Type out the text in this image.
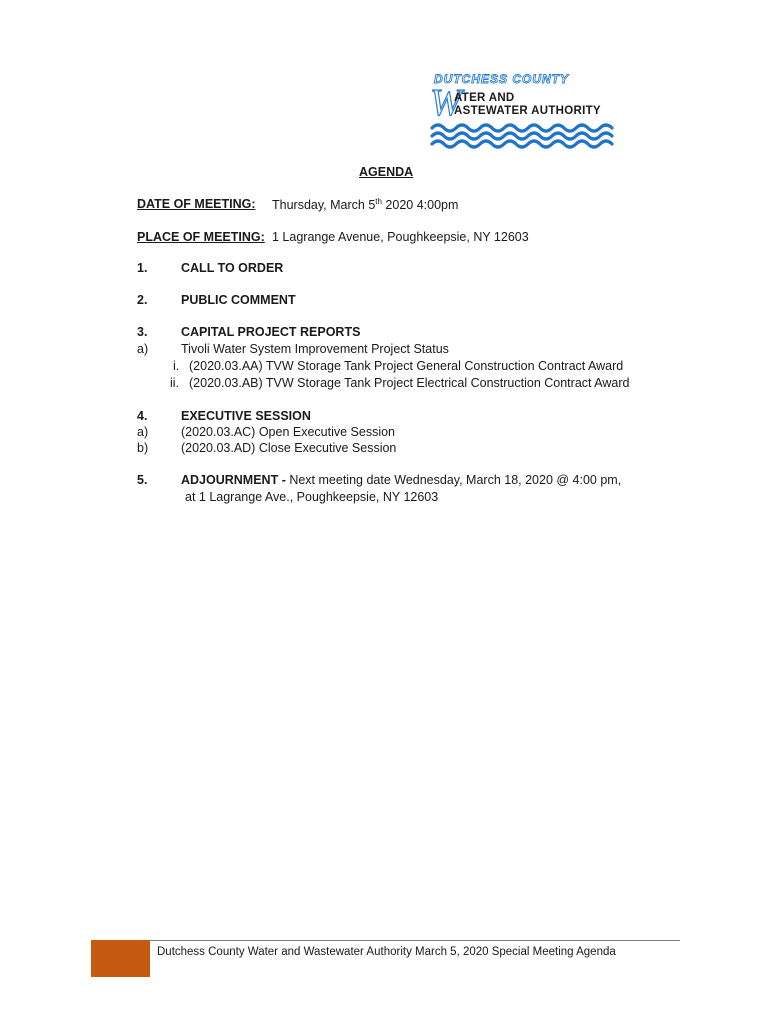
DUTCHESS COUNTY
W
ATER AND
ASTEWATER AUTHORITY
AGENDA
DATE OF MEETING: Thursday, March 5th 2020 4:00pm
PLACE OF MEETING: 1 Lagrange Avenue, Poughkeepsie, NY 12603
1.	CALL TO ORDER
2.	PUBLIC COMMENT
3.	CAPITAL PROJECT REPORTS
a)	Tivoli Water System Improvement Project Status
i. (2020.03.AA) TVW Storage Tank Project General Construction Contract Award
ii. (2020.03.AB) TVW Storage Tank Project Electrical Construction Contract Award
4.	EXECUTIVE SESSION
a)	(2020.03.AC) Open Executive Session
b)	(2020.03.AD) Close Executive Session
5.	ADJOURNMENT - Next meeting date Wednesday, March 18, 2020 @ 4:00 pm,
at 1 Lagrange Ave., Poughkeepsie, NY 12603
Dutchess County Water and Wastewater Authority March 5, 2020 Special Meeting Agenda
